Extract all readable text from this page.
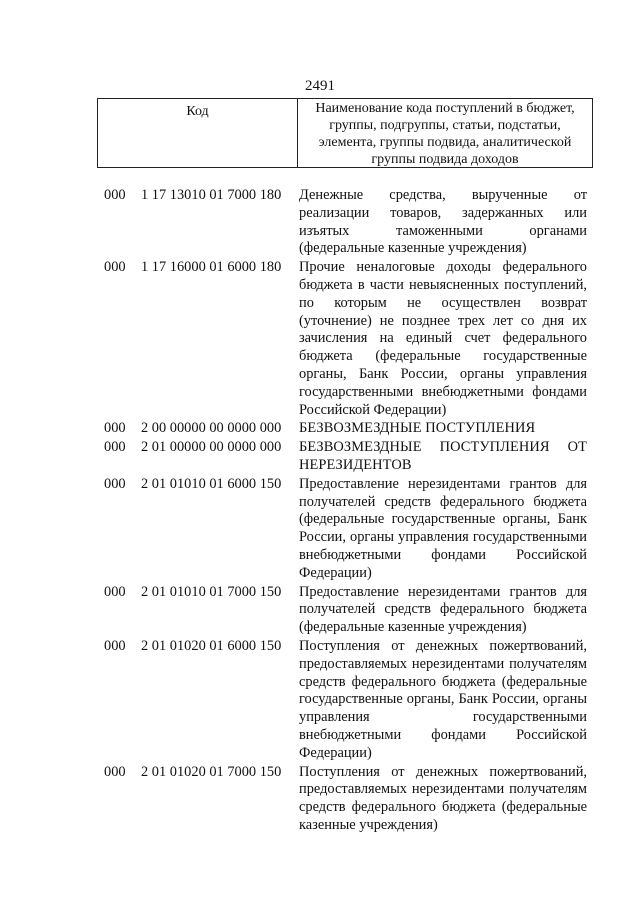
2491
Код	Наименование кода поступлений в бюджет, группы, подгруппы, статьи, подстатьи, элемента, группы подвида, аналитической группы подвида доходов
000	1 17 13010 01 7000 180	Денежные средства, вырученные от реализации товаров, задержанных или изъятых таможенными органами (федеральные казенные учреждения)
000	1 17 16000 01 6000 180	Прочие неналоговые доходы федерального бюджета в части невыясненных поступлений, по которым не осуществлен возврат (уточнение) не позднее трех лет со дня их зачисления на единый счет федерального бюджета (федеральные государственные органы, Банк России, органы управления государственными внебюджетными фондами Российской Федерации)
000	2 00 00000 00 0000 000	БЕЗВОЗМЕЗДНЫЕ ПОСТУПЛЕНИЯ
000	2 01 00000 00 0000 000	БЕЗВОЗМЕЗДНЫЕ ПОСТУПЛЕНИЯ ОТ НЕРЕЗИДЕНТОВ
000	2 01 01010 01 6000 150	Предоставление нерезидентами грантов для получателей средств федерального бюджета (федеральные государственные органы, Банк России, органы управления государственными внебюджетными фондами Российской Федерации)
000	2 01 01010 01 7000 150	Предоставление нерезидентами грантов для получателей средств федерального бюджета (федеральные казенные учреждения)
000	2 01 01020 01 6000 150	Поступления от денежных пожертвований, предоставляемых нерезидентами получателям средств федерального бюджета (федеральные государственные органы, Банк России, органы управления государственными внебюджетными фондами Российской Федерации)
000	2 01 01020 01 7000 150	Поступления от денежных пожертвований, предоставляемых нерезидентами получателям средств федерального бюджета (федеральные казенные учреждения)
